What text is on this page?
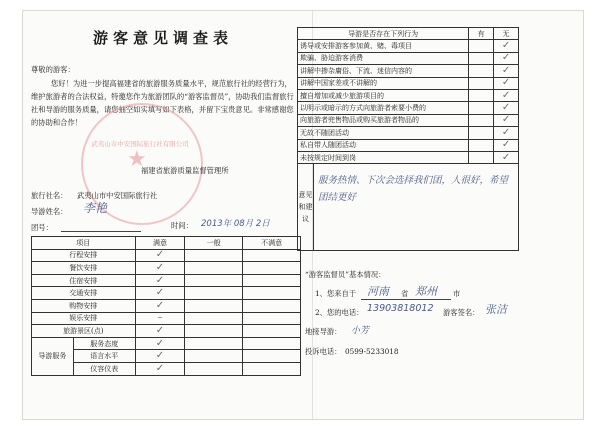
游客意见调查表
尊敬的游客：
您好！为进一步提高福建省的旅游服务质量水平，规范旅行社的经营行为，维护旅游者的合法权益，特邀您作为旅游团队的“游客监督员”，协助我们监督旅行社和导游的服务质量，请您抽空如实填写如下表格，并留下宝贵意见。非常感谢您的协助和合作！
★
武夷山市中安国际旅行社有限公司
福建省旅游质量监督管理所
旅行社名： 武夷山市中安国际旅行社
导游姓名： 李艳
团号：	时间： 2013年 08月 2日
项目		满意	一般	不满意
行程安排		✓		
餐饮安排		✓		
住宿安排		✓		
交通安排		✓		
购物安排		✓		
娱乐安排		–		
旅游景区(点)		✓		
导游服务	服务态度	✓		
	语言水平	✓		
	仪容仪表	✓		
导游是否存在下列行为		有	无
诱导或安排游客参加黄、赌、毒项目			✓
欺骗、胁迫游客消费			✓
讲解中掺杂庸俗、下流、迷信内容的			✓
讲解中国家差或不讲解的			✓
擅自增加或减少旅游项目的			✓
以明示或暗示的方式向旅游者索要小费的			✓
向旅游者兜售物品或购买旅游者物品的			✓
无故不随团活动			✓
私自带人随团活动			✓
未按规定时间到岗			✓
意见和建议	服务热情、下次会选择我们团，人很好，希望团结更好		
“游客监督员”基本情况：
1、您来自于 河南 省 郑州 市
2、您的电话： 13903818012 游客签名： 张洁
地接导游： 小芳
投诉电话： 0599-5233018
